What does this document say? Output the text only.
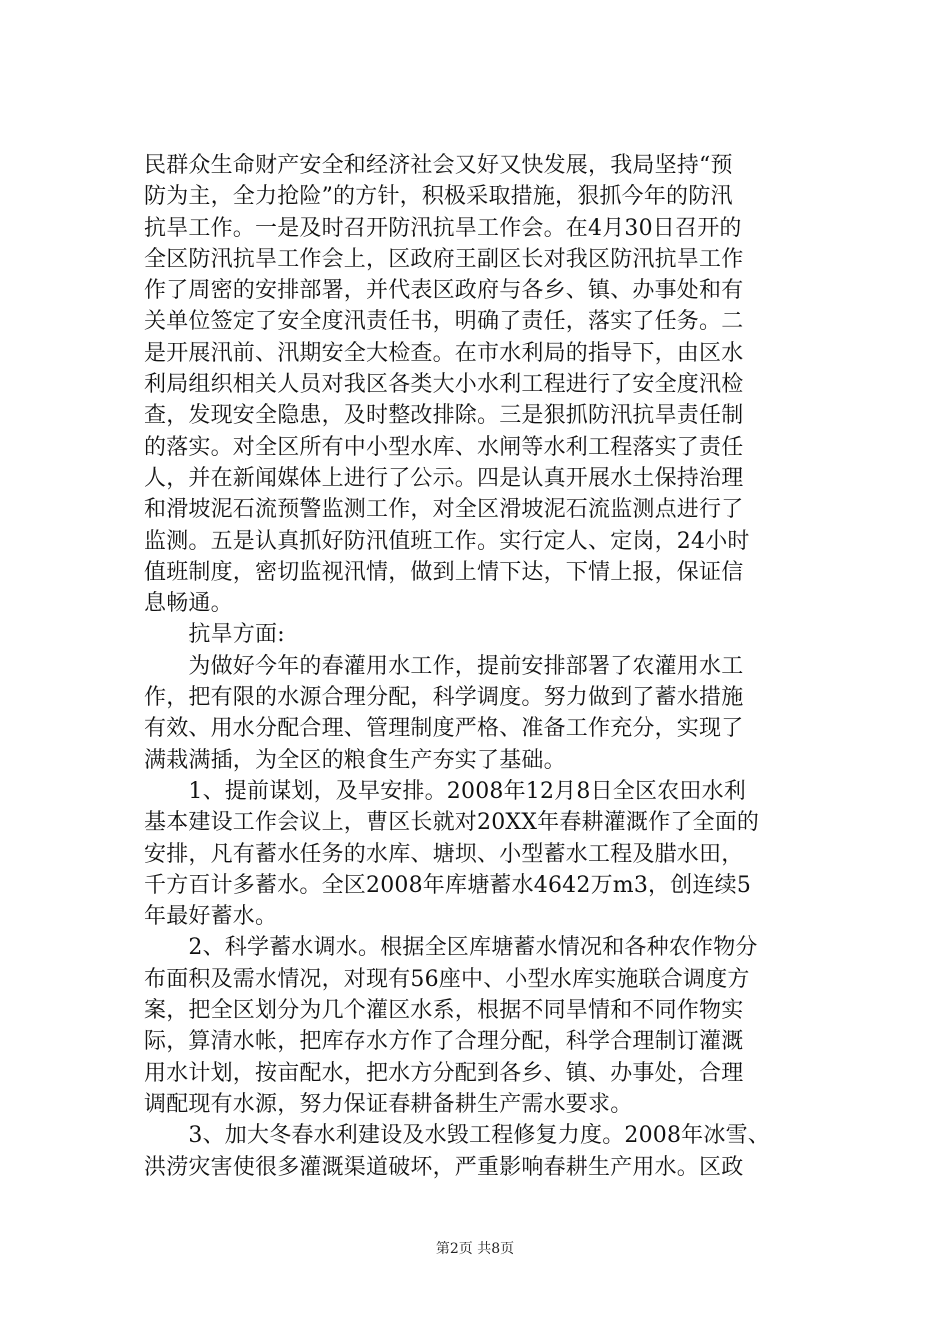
民群众生命财产安全和经济社会又好又快发展，我局坚持“预
防为主，全力抢险”的方针，积极采取措施，狠抓今年的防汛
抗旱工作。一是及时召开防汛抗旱工作会。在4月30日召开的
全区防汛抗旱工作会上，区政府王副区长对我区防汛抗旱工作
作了周密的安排部署，并代表区政府与各乡、镇、办事处和有
关单位签定了安全度汛责任书，明确了责任，落实了任务。二
是开展汛前、汛期安全大检查。在市水利局的指导下，由区水
利局组织相关人员对我区各类大小水利工程进行了安全度汛检
查，发现安全隐患，及时整改排除。三是狠抓防汛抗旱责任制
的落实。对全区所有中小型水库、水闸等水利工程落实了责任
人，并在新闻媒体上进行了公示。四是认真开展水土保持治理
和滑坡泥石流预警监测工作，对全区滑坡泥石流监测点进行了
监测。五是认真抓好防汛值班工作。实行定人、定岗，24小时
值班制度，密切监视汛情，做到上情下达，下情上报，保证信
息畅通。
　　抗旱方面:
　　为做好今年的春灌用水工作，提前安排部署了农灌用水工
作，把有限的水源合理分配，科学调度。努力做到了蓄水措施
有效、用水分配合理、管理制度严格、准备工作充分，实现了
满栽满插，为全区的粮食生产夯实了基础。
　　1、提前谋划，及早安排。2008年12月8日全区农田水利
基本建设工作会议上，曹区长就对20XX年春耕灌溉作了全面的
安排，凡有蓄水任务的水库、塘坝、小型蓄水工程及腊水田，
千方百计多蓄水。全区2008年库塘蓄水4642万m3，创连续5
年最好蓄水。
　　2、科学蓄水调水。根据全区库塘蓄水情况和各种农作物分
布面积及需水情况，对现有56座中、小型水库实施联合调度方
案，把全区划分为几个灌区水系，根据不同旱情和不同作物实
际，算清水帐，把库存水方作了合理分配，科学合理制订灌溉
用水计划，按亩配水，把水方分配到各乡、镇、办事处，合理
调配现有水源，努力保证春耕备耕生产需水要求。
　　3、加大冬春水利建设及水毁工程修复力度。2008年冰雪、
洪涝灾害使很多灌溉渠道破坏，严重影响春耕生产用水。区政
第2页 共8页
